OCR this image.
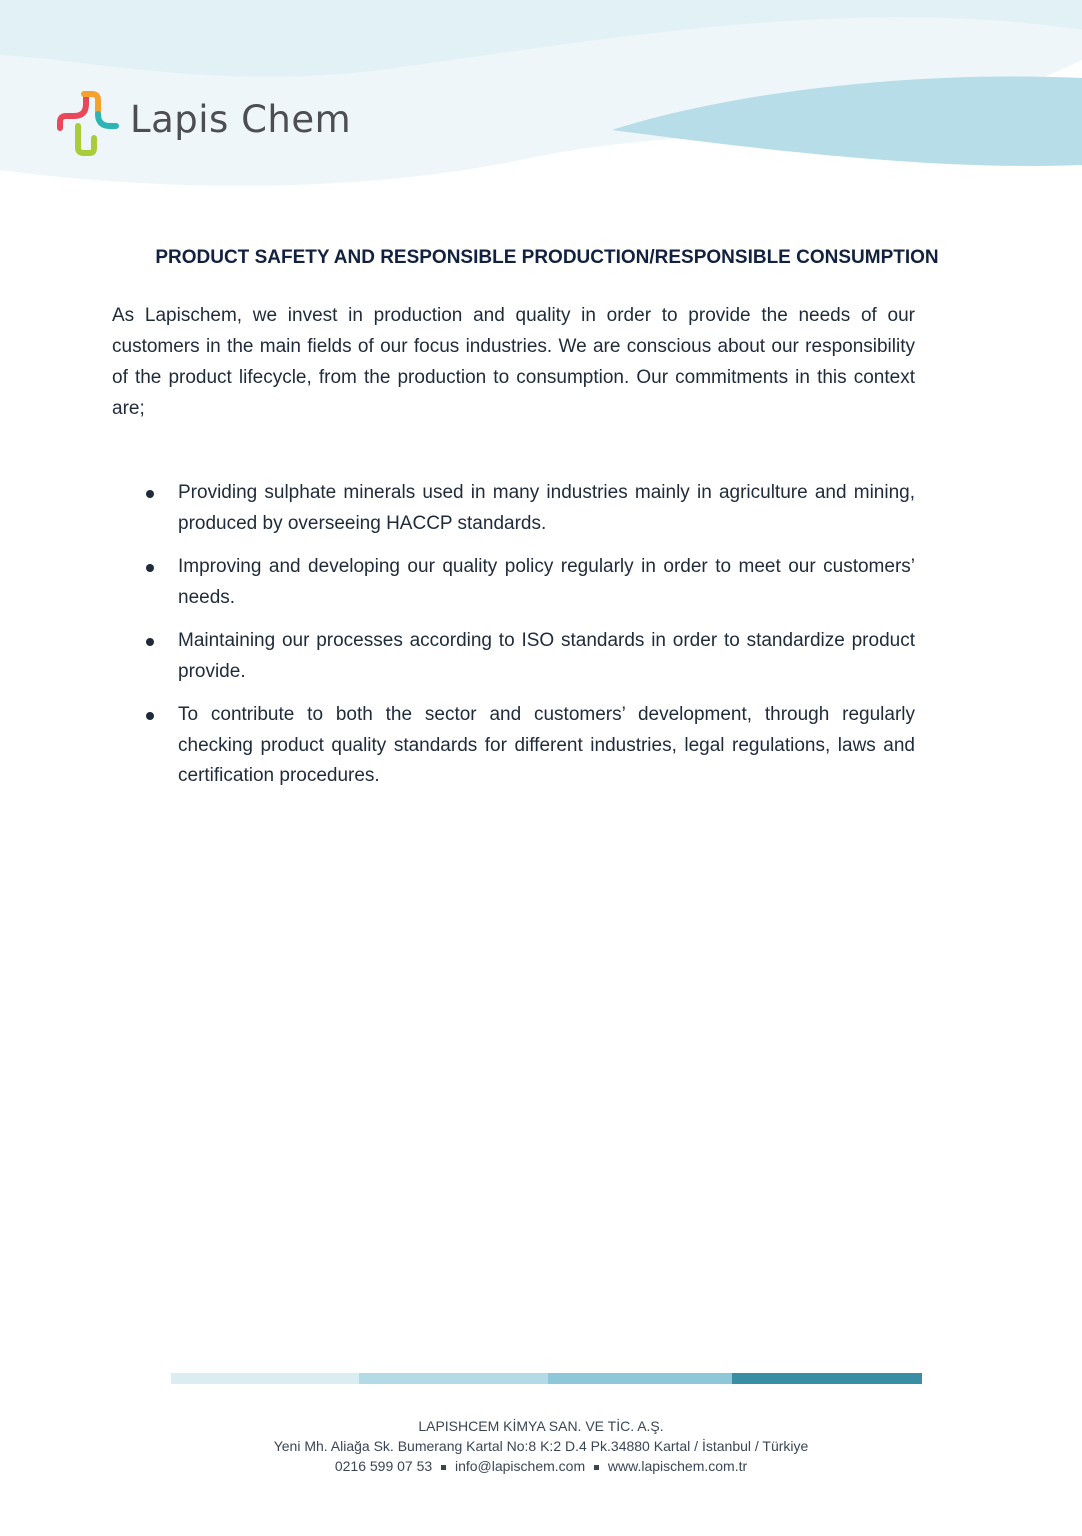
Lapis Chem
PRODUCT SAFETY AND RESPONSIBLE PRODUCTION/RESPONSIBLE CONSUMPTION

As Lapischem, we invest in production and quality in order to provide the needs of our customers in the main fields of our focus industries. We are conscious about our responsibility of the product lifecycle, from the production to consumption. Our commitments in this context are;

Providing sulphate minerals used in many industries mainly in agriculture and mining, produced by overseeing HACCP standards.
Improving and developing our quality policy regularly in order to meet our customers’ needs.
Maintaining our processes according to ISO standards in order to standardize product provide.
To contribute to both the sector and customers’ development, through regularly checking product quality standards for different industries, legal regulations, laws and certification procedures.

LAPISHCEM KİMYA SAN. VE TİC. A.Ş.

Yeni Mh. Aliağa Sk. Bumerang Kartal No:8 K:2 D.4 Pk.34880 Kartal / İstanbul / Türkiye

0216 599 07 53 info@lapischem.com www.lapischem.com.tr
